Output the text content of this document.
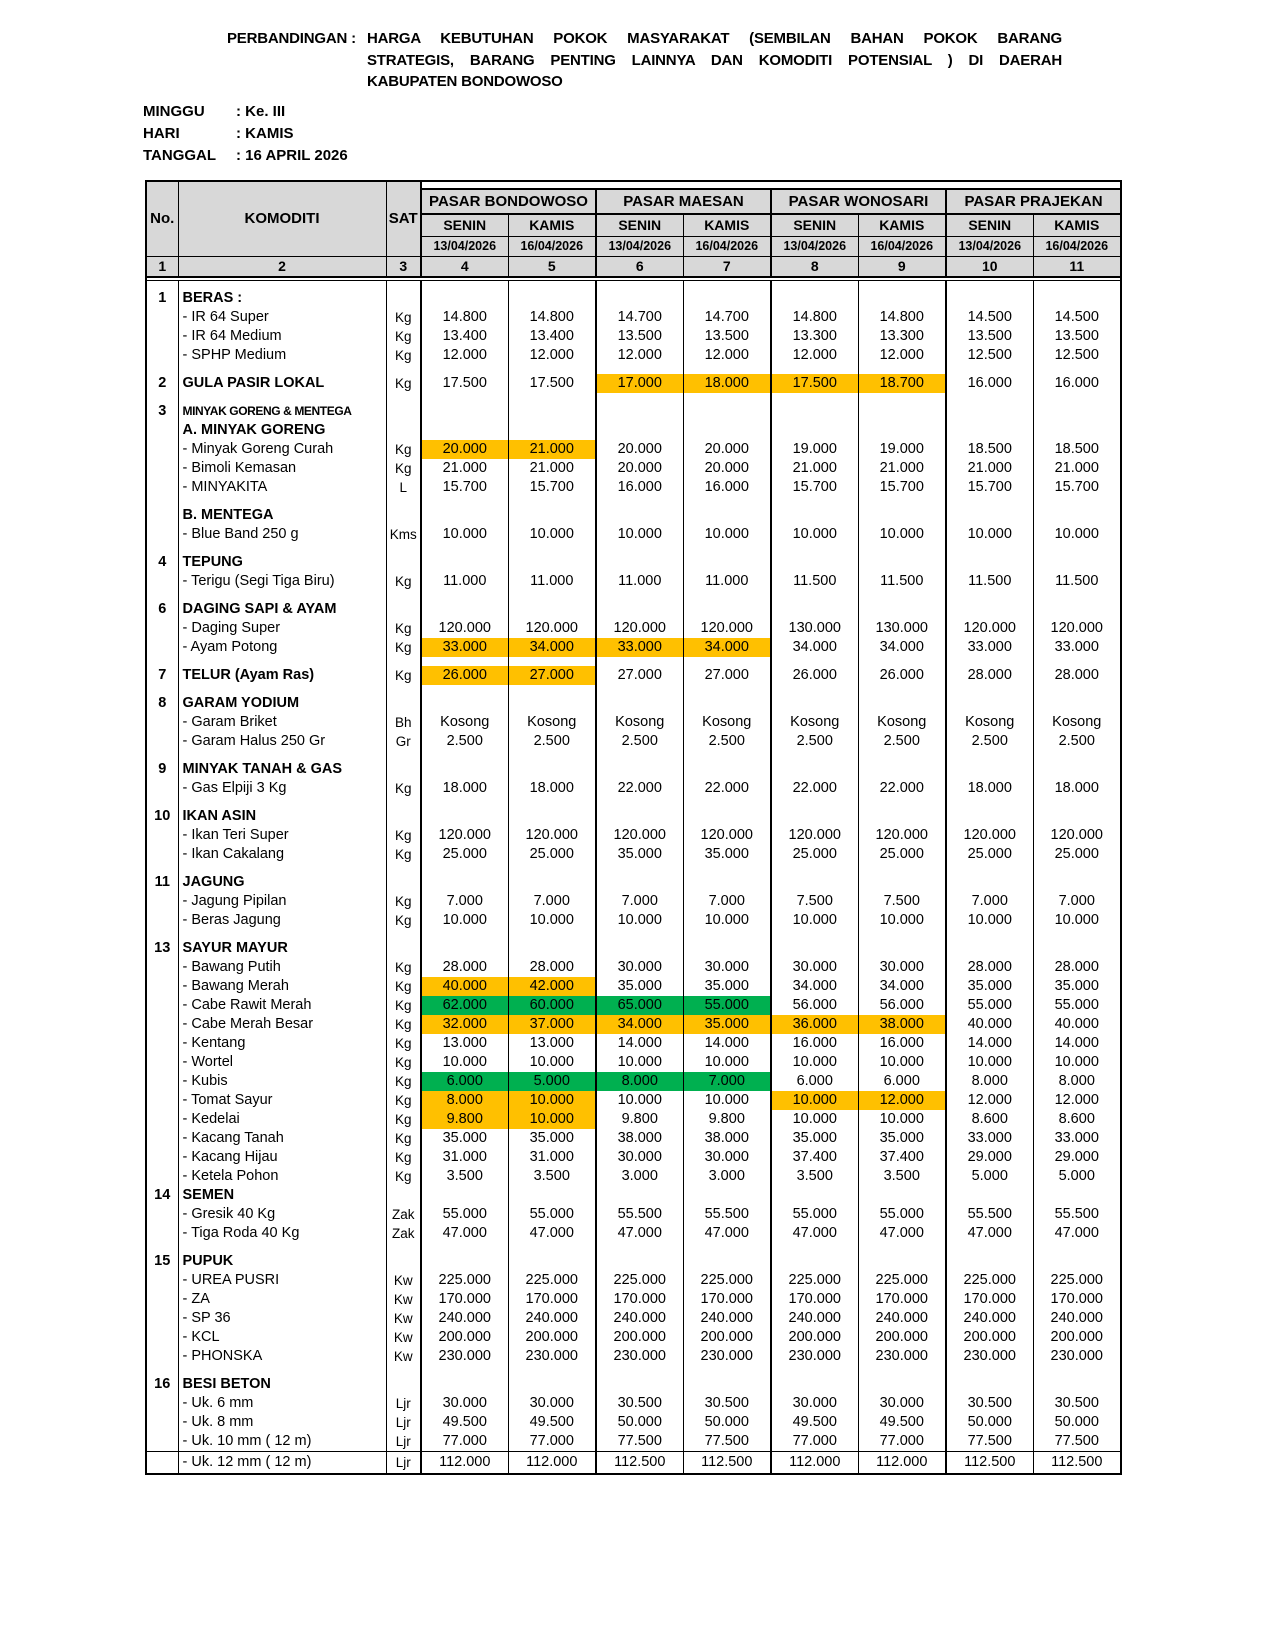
PERBANDINGAN : HARGA KEBUTUHAN POKOK MASYARAKAT (SEMBILAN BAHAN POKOK BARANG
STRATEGIS, BARANG PENTING LAINNYA DAN KOMODITI POTENSIAL ) DI DAERAH
KABUPATEN BONDOWOSO
MINGGU	: Ke. III
HARI	: KAMIS
TANGGAL	: 16 APRIL 2026
No.	KOMODITI	SAT								
			PASAR BONDOWOSO		PASAR MAESAN		PASAR WONOSARI		PASAR PRAJEKAN	
			SENIN	KAMIS	SENIN	KAMIS	SENIN	KAMIS	SENIN	KAMIS
			13/04/2026	16/04/2026	13/04/2026	16/04/2026	13/04/2026	16/04/2026	13/04/2026	16/04/2026
1	2	3	4	5	6	7	8	9	10	11

1	BERAS :									
	- IR 64 Super	Kg	14.800	14.800	14.700	14.700	14.800	14.800	14.500	14.500
	- IR 64 Medium	Kg	13.400	13.400	13.500	13.500	13.300	13.300	13.500	13.500
	- SPHP Medium	Kg	12.000	12.000	12.000	12.000	12.000	12.000	12.500	12.500

2	GULA PASIR LOKAL	Kg	17.500	17.500	17.000	18.000	17.500	18.700	16.000	16.000

3	MINYAK GORENG & MENTEGA									
	A. MINYAK GORENG									
	- Minyak Goreng Curah	Kg	20.000	21.000	20.000	20.000	19.000	19.000	18.500	18.500
	- Bimoli Kemasan	Kg	21.000	21.000	20.000	20.000	21.000	21.000	21.000	21.000
	- MINYAKITA	L	15.700	15.700	16.000	16.000	15.700	15.700	15.700	15.700

	B. MENTEGA									
	- Blue Band 250 g	Kms	10.000	10.000	10.000	10.000	10.000	10.000	10.000	10.000

4	TEPUNG									
	- Terigu (Segi Tiga Biru)	Kg	11.000	11.000	11.000	11.000	11.500	11.500	11.500	11.500

6	DAGING SAPI & AYAM									
	- Daging Super	Kg	120.000	120.000	120.000	120.000	130.000	130.000	120.000	120.000
	- Ayam Potong	Kg	33.000	34.000	33.000	34.000	34.000	34.000	33.000	33.000

7	TELUR (Ayam Ras)	Kg	26.000	27.000	27.000	27.000	26.000	26.000	28.000	28.000

8	GARAM YODIUM									
	- Garam Briket	Bh	Kosong	Kosong	Kosong	Kosong	Kosong	Kosong	Kosong	Kosong
	- Garam Halus 250 Gr	Gr	2.500	2.500	2.500	2.500	2.500	2.500	2.500	2.500

9	MINYAK TANAH & GAS									
	- Gas Elpiji 3 Kg	Kg	18.000	18.000	22.000	22.000	22.000	22.000	18.000	18.000

10	IKAN ASIN									
	- Ikan Teri Super	Kg	120.000	120.000	120.000	120.000	120.000	120.000	120.000	120.000
	- Ikan Cakalang	Kg	25.000	25.000	35.000	35.000	25.000	25.000	25.000	25.000

11	JAGUNG									
	- Jagung Pipilan	Kg	7.000	7.000	7.000	7.000	7.500	7.500	7.000	7.000
	- Beras Jagung	Kg	10.000	10.000	10.000	10.000	10.000	10.000	10.000	10.000

13	SAYUR MAYUR									
	- Bawang Putih	Kg	28.000	28.000	30.000	30.000	30.000	30.000	28.000	28.000
	- Bawang Merah	Kg	40.000	42.000	35.000	35.000	34.000	34.000	35.000	35.000
	- Cabe Rawit Merah	Kg	62.000	60.000	65.000	55.000	56.000	56.000	55.000	55.000
	- Cabe Merah Besar	Kg	32.000	37.000	34.000	35.000	36.000	38.000	40.000	40.000
	- Kentang	Kg	13.000	13.000	14.000	14.000	16.000	16.000	14.000	14.000
	- Wortel	Kg	10.000	10.000	10.000	10.000	10.000	10.000	10.000	10.000
	- Kubis	Kg	6.000	5.000	8.000	7.000	6.000	6.000	8.000	8.000
	- Tomat Sayur	Kg	8.000	10.000	10.000	10.000	10.000	12.000	12.000	12.000
	- Kedelai	Kg	9.800	10.000	9.800	9.800	10.000	10.000	8.600	8.600
	- Kacang Tanah	Kg	35.000	35.000	38.000	38.000	35.000	35.000	33.000	33.000
	- Kacang Hijau	Kg	31.000	31.000	30.000	30.000	37.400	37.400	29.000	29.000
	- Ketela Pohon	Kg	3.500	3.500	3.000	3.000	3.500	3.500	5.000	5.000
14	SEMEN									
	- Gresik 40 Kg	Zak	55.000	55.000	55.500	55.500	55.000	55.000	55.500	55.500
	- Tiga Roda 40 Kg	Zak	47.000	47.000	47.000	47.000	47.000	47.000	47.000	47.000

15	PUPUK									
	- UREA PUSRI	Kw	225.000	225.000	225.000	225.000	225.000	225.000	225.000	225.000
	- ZA	Kw	170.000	170.000	170.000	170.000	170.000	170.000	170.000	170.000
	- SP 36	Kw	240.000	240.000	240.000	240.000	240.000	240.000	240.000	240.000
	- KCL	Kw	200.000	200.000	200.000	200.000	200.000	200.000	200.000	200.000
	- PHONSKA	Kw	230.000	230.000	230.000	230.000	230.000	230.000	230.000	230.000

16	BESI BETON									
	- Uk. 6 mm	Ljr	30.000	30.000	30.500	30.500	30.000	30.000	30.500	30.500
	- Uk. 8 mm	Ljr	49.500	49.500	50.000	50.000	49.500	49.500	50.000	50.000
	- Uk. 10 mm ( 12 m)	Ljr	77.000	77.000	77.500	77.500	77.000	77.000	77.500	77.500
	- Uk. 12 mm ( 12 m)	Ljr	112.000	112.000	112.500	112.500	112.000	112.000	112.500	112.500
